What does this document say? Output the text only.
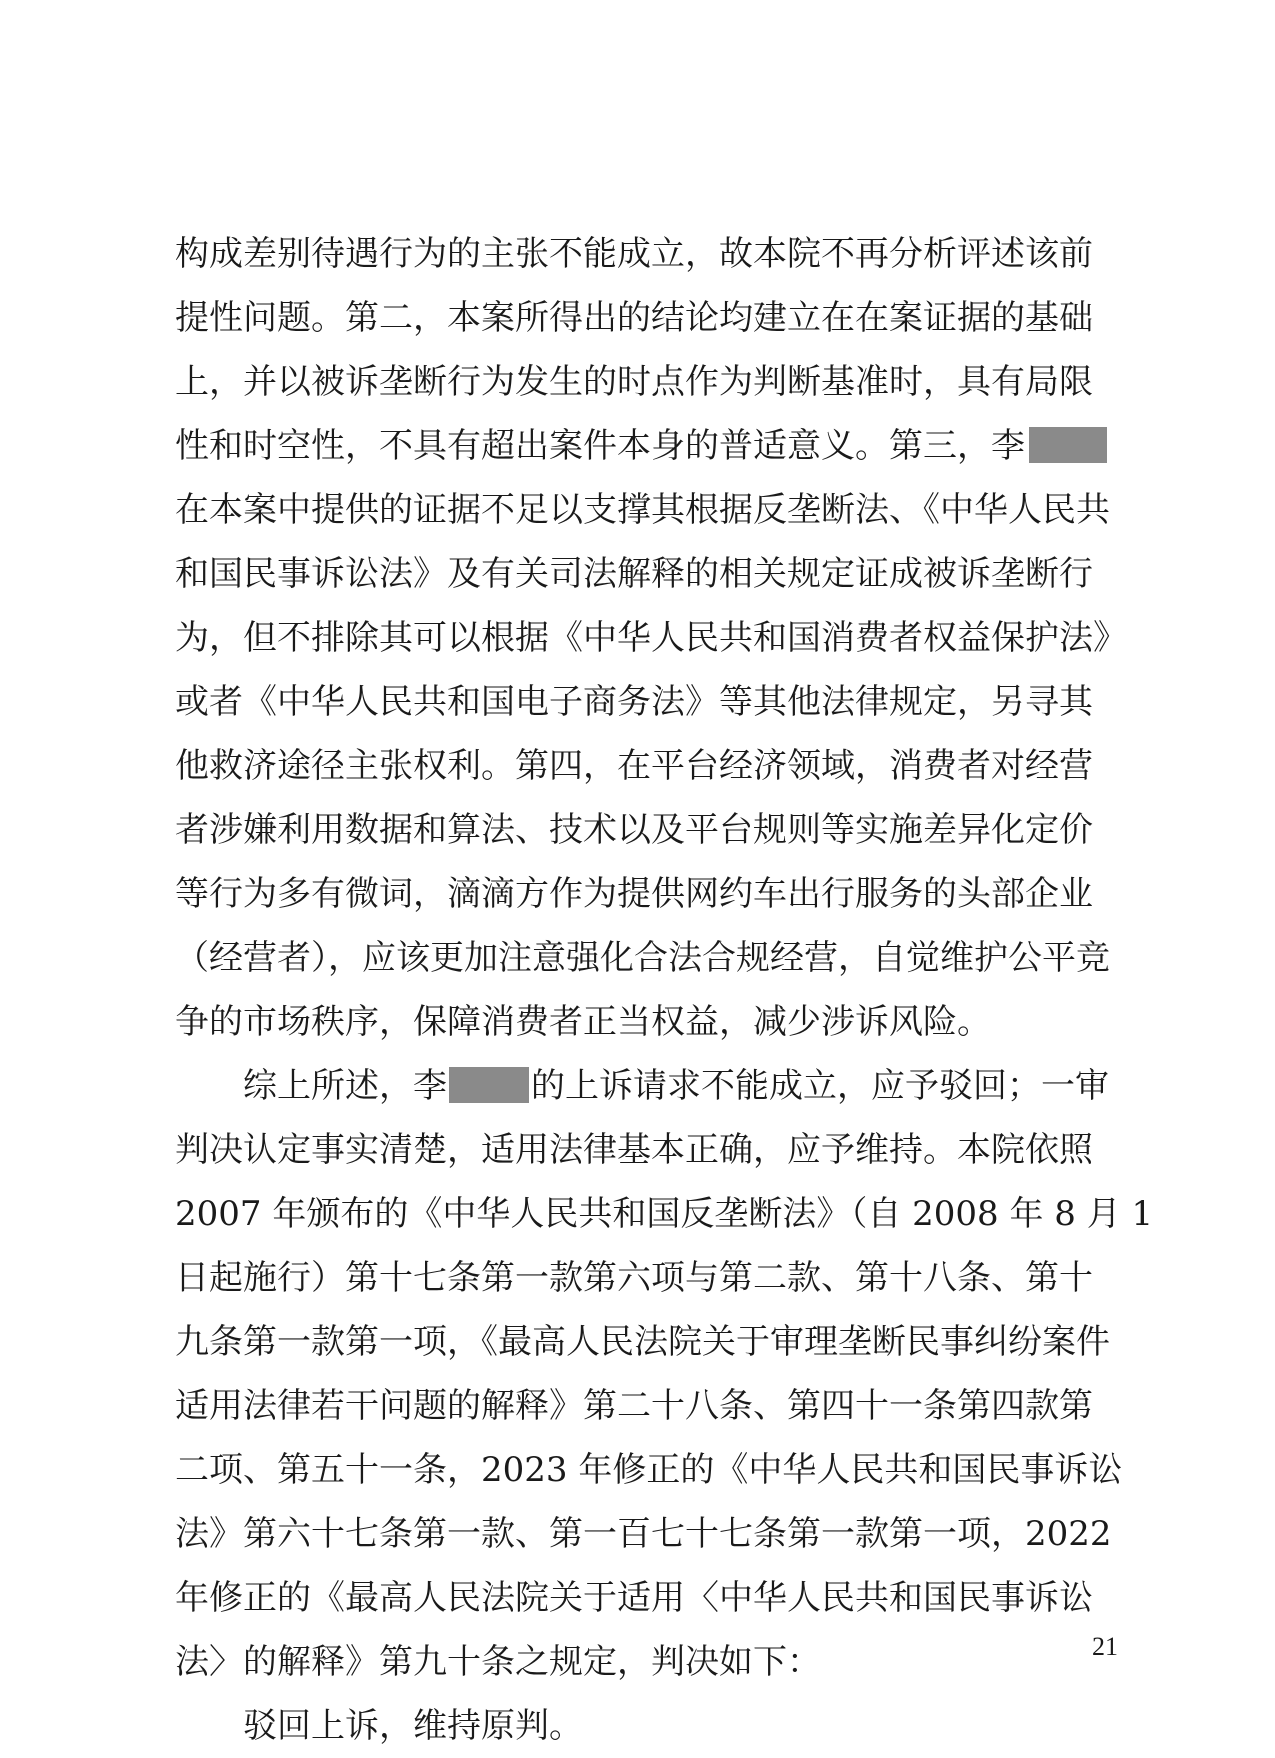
构成差别待遇行为的主张不能成立，故本院不再分析评述该前
提性问题。第二，本案所得出的结论均建立在在案证据的基础
上，并以被诉垄断行为发生的时点作为判断基准时，具有局限
性和时空性，不具有超出案件本身的普适意义。第三，李
在本案中提供的证据不足以支撑其根据反垄断法、《中华人民共
和国民事诉讼法》及有关司法解释的相关规定证成被诉垄断行
为，但不排除其可以根据《中华人民共和国消费者权益保护法》
或者《中华人民共和国电子商务法》等其他法律规定，另寻其
他救济途径主张权利。第四，在平台经济领域，消费者对经营
者涉嫌利用数据和算法、技术以及平台规则等实施差异化定价
等行为多有微词，滴滴方作为提供网约车出行服务的头部企业
（经营者），应该更加注意强化合法合规经营，自觉维护公平竞
争的市场秩序，保障消费者正当权益，减少涉诉风险。
综上所述，李 的上诉请求不能成立，应予驳回；一审
判决认定事实清楚，适用法律基本正确，应予维持。本院依照
2007 年颁布的《中华人民共和国反垄断法》（自 2008 年 8 月 1
日起施行）第十七条第一款第六项与第二款、第十八条、第十
九条第一款第一项，《最高人民法院关于审理垄断民事纠纷案件
适用法律若干问题的解释》第二十八条、第四十一条第四款第
二项、第五十一条，2023 年修正的《中华人民共和国民事诉讼
法》第六十七条第一款、第一百七十七条第一款第一项，2022
年修正的《最高人民法院关于适用〈中华人民共和国民事诉讼
法〉的解释》第九十条之规定，判决如下：
驳回上诉，维持原判。
21
